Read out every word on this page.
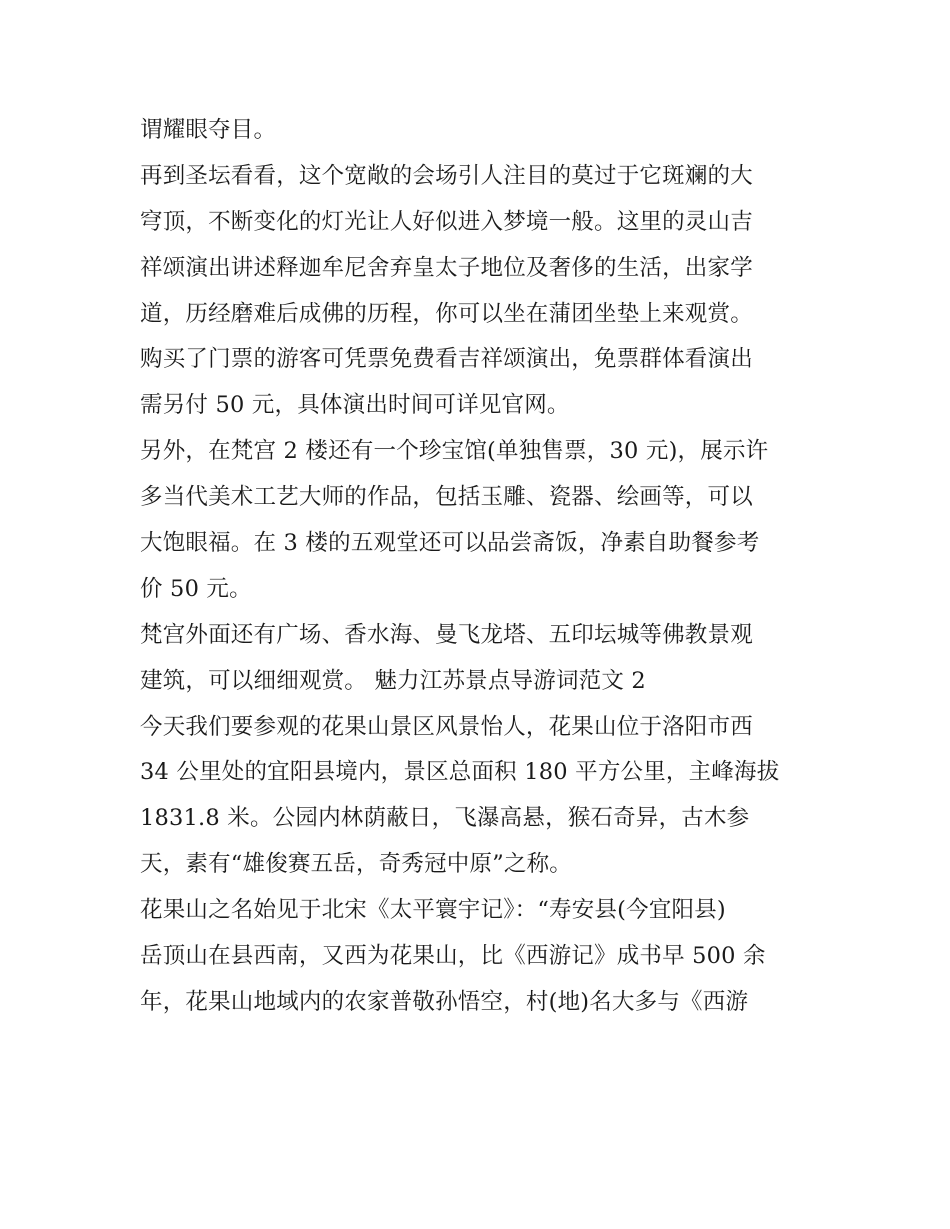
谓耀眼夺目。
再到圣坛看看，这个宽敞的会场引人注目的莫过于它斑斓的大
穹顶，不断变化的灯光让人好似进入梦境一般。这里的灵山吉
祥颂演出讲述释迦牟尼舍弃皇太子地位及奢侈的生活，出家学
道，历经磨难后成佛的历程，你可以坐在蒲团坐垫上来观赏。
购买了门票的游客可凭票免费看吉祥颂演出，免票群体看演出
需另付 50 元，具体演出时间可详见官网。
另外，在梵宫 2 楼还有一个珍宝馆(单独售票，30 元)，展示许
多当代美术工艺大师的作品，包括玉雕、瓷器、绘画等，可以
大饱眼福。在 3 楼的五观堂还可以品尝斋饭，净素自助餐参考
价 50 元。
梵宫外面还有广场、香水海、曼飞龙塔、五印坛城等佛教景观
建筑，可以细细观赏。 魅力江苏景点导游词范文 2
今天我们要参观的花果山景区风景怡人，花果山位于洛阳市西
34 公里处的宜阳县境内，景区总面积 180 平方公里，主峰海拔
1831.8 米。公园内林荫蔽日，飞瀑高悬，猴石奇异，古木参
天，素有“雄俊赛五岳，奇秀冠中原”之称。
花果山之名始见于北宋《太平寰宇记》：“寿安县(今宜阳县)
岳顶山在县西南，又西为花果山，比《西游记》成书早 500 余
年，花果山地域内的农家普敬孙悟空，村(地)名大多与《西游
